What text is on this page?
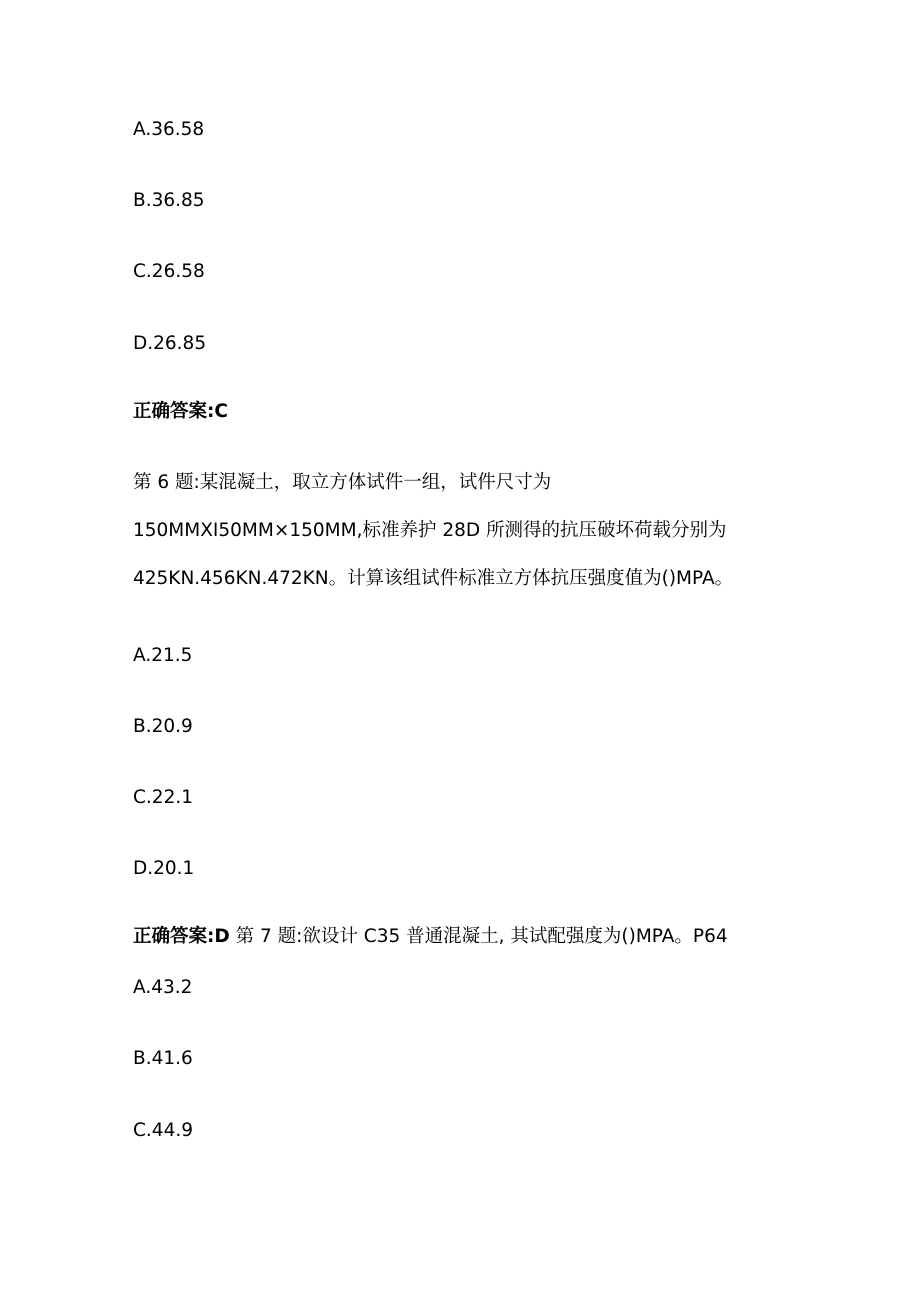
A.36.58
B.36.85
C.26.58
D.26.85
正确答案:C
第 6 题:某混凝土，取立方体试件一组，试件尺寸为
150MMXI50MM×150MM,标准养护 28D 所测得的抗压破坏荷载分别为
425KN.456KN.472KN。计算该组试件标准立方体抗压强度值为()MPA。
A.21.5
B.20.9
C.22.1
D.20.1
正确答案:D 第 7 题:欲设计 C35 普通混凝土, 其试配强度为()MPA。P64
A.43.2
B.41.6
C.44.9
